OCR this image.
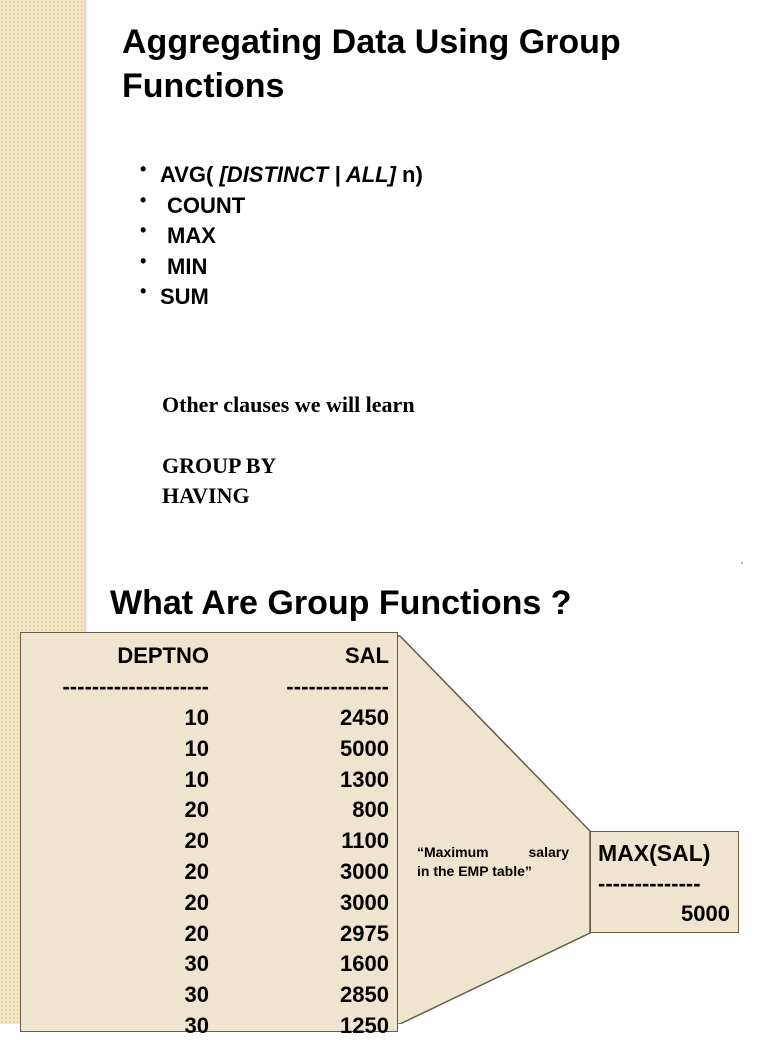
Aggregating Data Using Group Functions
• AVG( [DISTINCT | ALL] n)
• COUNT
• MAX
• MIN
• SUM
Other clauses we will learn
GROUP BY
HAVING
What Are Group Functions ?
DEPTNO	SAL
--------------------	--------------
10	2450
10	5000
10	1300
20	800
20	1100
20	3000
20	3000
20	2975
30	1600
30	2850
30	1250
“Maximum salary
in the EMP table”
MAX(SAL)
--------------
5000
